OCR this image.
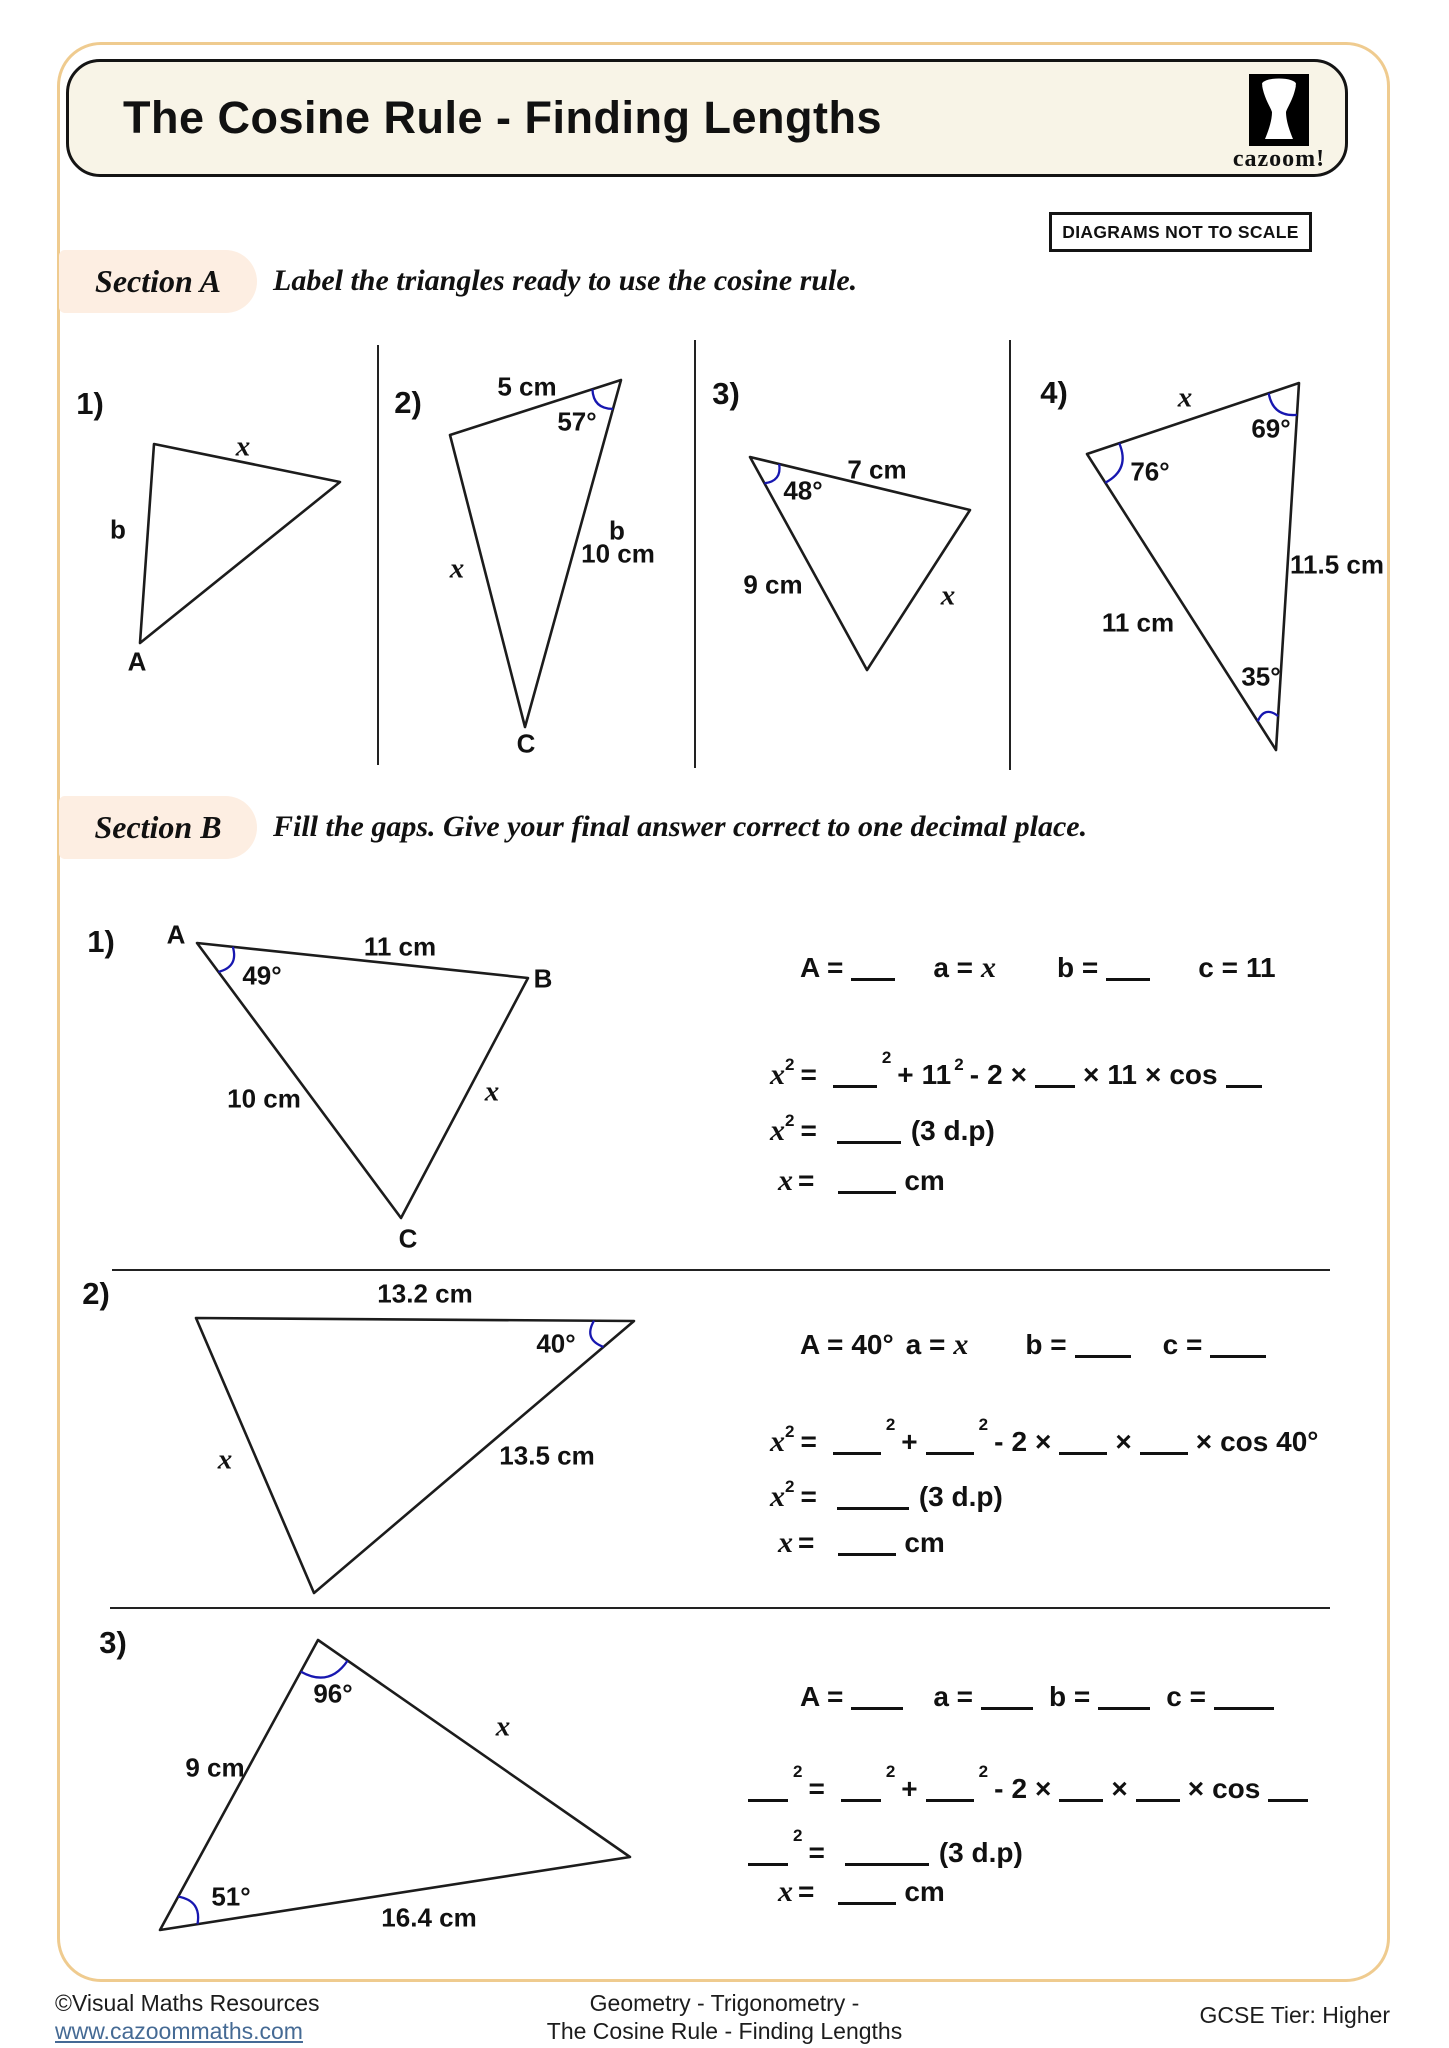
The Cosine Rule - Finding Lengths
cazoom!
DIAGRAMS NOT TO SCALE
Section A	Label the triangles ready to use the cosine rule.
Section B	Fill the gaps. Give your final answer correct to one decimal place.
1)
x
b
A
2)	5 cm
57°
b
10 cm
x
C
3)
7 cm
48°
9 cm	x
4)	x
69°
76°
11.5 cm
11 cm
35°
1) A	11 cm
B
49°
10 cm	x
C
A =	a = x b =	c = 11
$x^2 =^2+ 11$ $^2$ - 2 × × 11 × cos
$x^2$ =	(3 d.p)
x =	cm
2)	13.2 cm
40°
x	13.5 cm
A = 40° a = x b =	c =
$x^2 =^2+^2-$ 2 × × × cos 40°
$x^2$ =	(3 d.p)
x =	cm
3)
96°
x
9 cm
51°
16.4 cm
A =	a =	b =	c =
$^2$=$^2$+$^2$- 2 × × × cos
$^2$=	(3 d.p)
x =	cm
©Visual Maths Resources
www.cazoommaths.com
Geometry - Trigonometry -
The Cosine Rule - Finding Lengths
GCSE Tier: Higher
